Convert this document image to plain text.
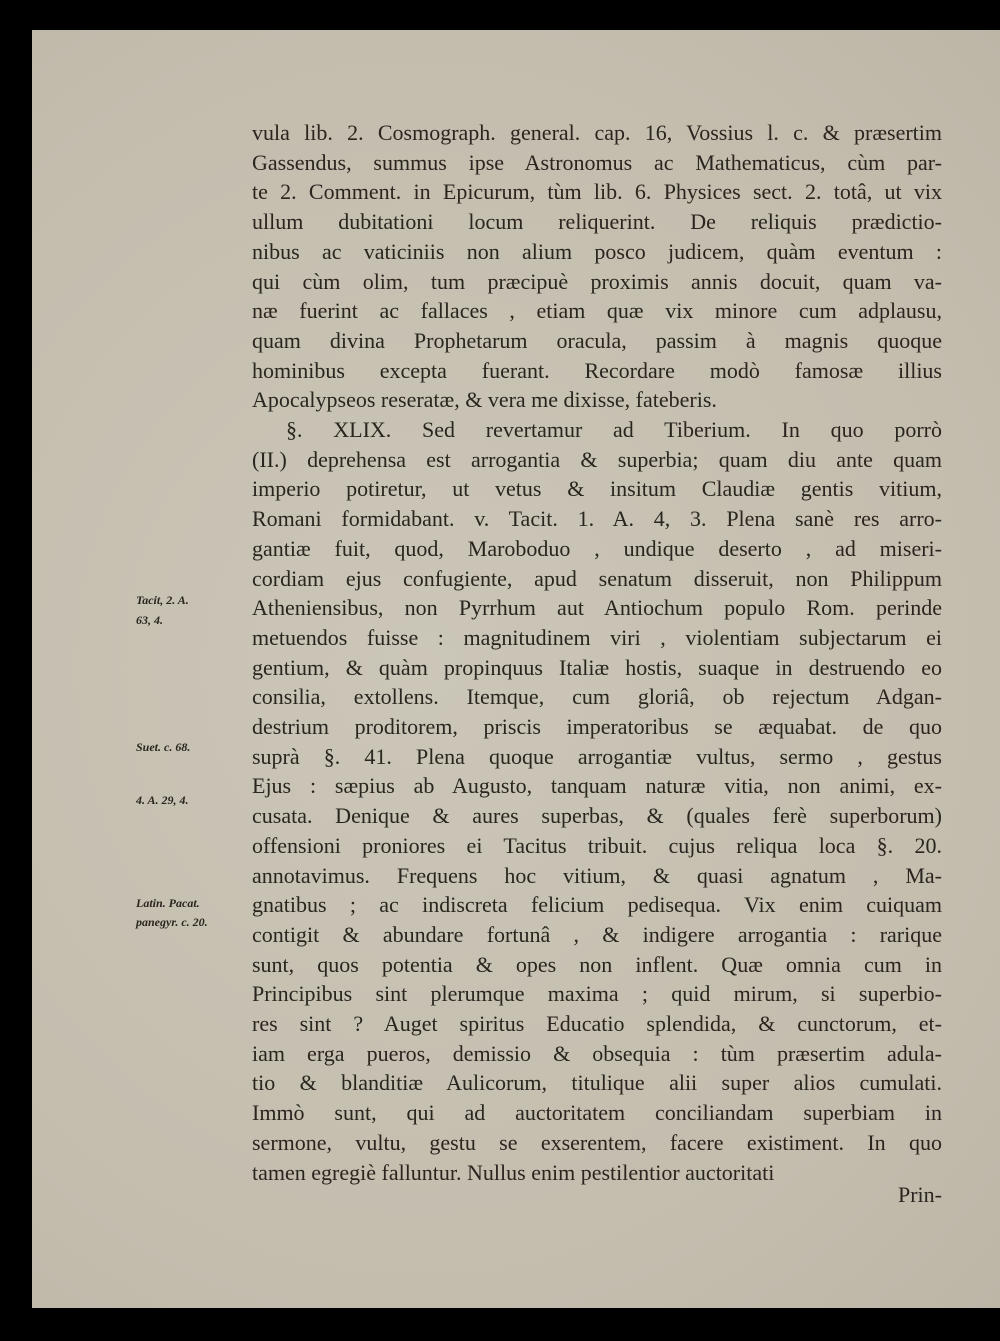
vula lib. 2. Cosmograph. general. cap. 16, Vossius l. c. & præsertim
Gassendus, summus ipse Astronomus ac Mathematicus, cùm par-
te 2. Comment. in Epicurum, tùm lib. 6. Physices sect. 2. totâ, ut vix
ullum dubitationi locum reliquerint. De reliquis prædictio-
nibus ac vaticiniis non alium posco judicem, quàm eventum :
qui cùm olim, tum præcipuè proximis annis docuit, quam va-
næ fuerint ac fallaces , etiam quæ vix minore cum adplausu,
quam divina Prophetarum oracula, passim à magnis quoque
hominibus excepta fuerant. Recordare modò famosæ illius
Apocalypseos reseratæ, & vera me dixisse, fateberis.
§. XLIX. Sed revertamur ad Tiberium. In quo porrò
(II.) deprehensa est arrogantia & superbia; quam diu ante quam
imperio potiretur, ut vetus & insitum Claudiæ gentis vitium,
Romani formidabant. v. Tacit. 1. A. 4, 3. Plena sanè res arro-
gantiæ fuit, quod, Maroboduo , undique deserto , ad miseri-
cordiam ejus confugiente, apud senatum disseruit, non Philippum
Atheniensibus, non Pyrrhum aut Antiochum populo Rom. perinde
metuendos fuisse : magnitudinem viri , violentiam subjectarum ei
gentium, & quàm propinquus Italiæ hostis, suaque in destruendo eo
consilia, extollens. Itemque, cum gloriâ, ob rejectum Adgan-
destrium proditorem, priscis imperatoribus se æquabat. de quo
suprà §. 41. Plena quoque arrogantiæ vultus, sermo , gestus
Ejus : sæpius ab Augusto, tanquam naturæ vitia, non animi, ex-
cusata. Denique & aures superbas, & (quales ferè superborum)
offensioni proniores ei Tacitus tribuit. cujus reliqua loca §. 20.
annotavimus. Frequens hoc vitium, & quasi agnatum , Ma-
gnatibus ; ac indiscreta felicium pedisequa. Vix enim cuiquam
contigit & abundare fortunâ , & indigere arrogantia : rarique
sunt, quos potentia & opes non inflent. Quæ omnia cum in
Principibus sint plerumque maxima ; quid mirum, si superbio-
res sint ? Auget spiritus Educatio splendida, & cunctorum, et-
iam erga pueros, demissio & obsequia : tùm præsertim adula-
tio & blanditiæ Aulicorum, titulique alii super alios cumulati.
Immò sunt, qui ad auctoritatem conciliandam superbiam in
sermone, vultu, gestu se exserentem, facere existiment. In quo
tamen egregiè falluntur. Nullus enim pestilentior auctoritati
Prin-
Tacit, 2. A.
63, 4.
Suet. c. 68.
4. A. 29, 4.
Latin. Pacat.
panegyr. c. 20.
